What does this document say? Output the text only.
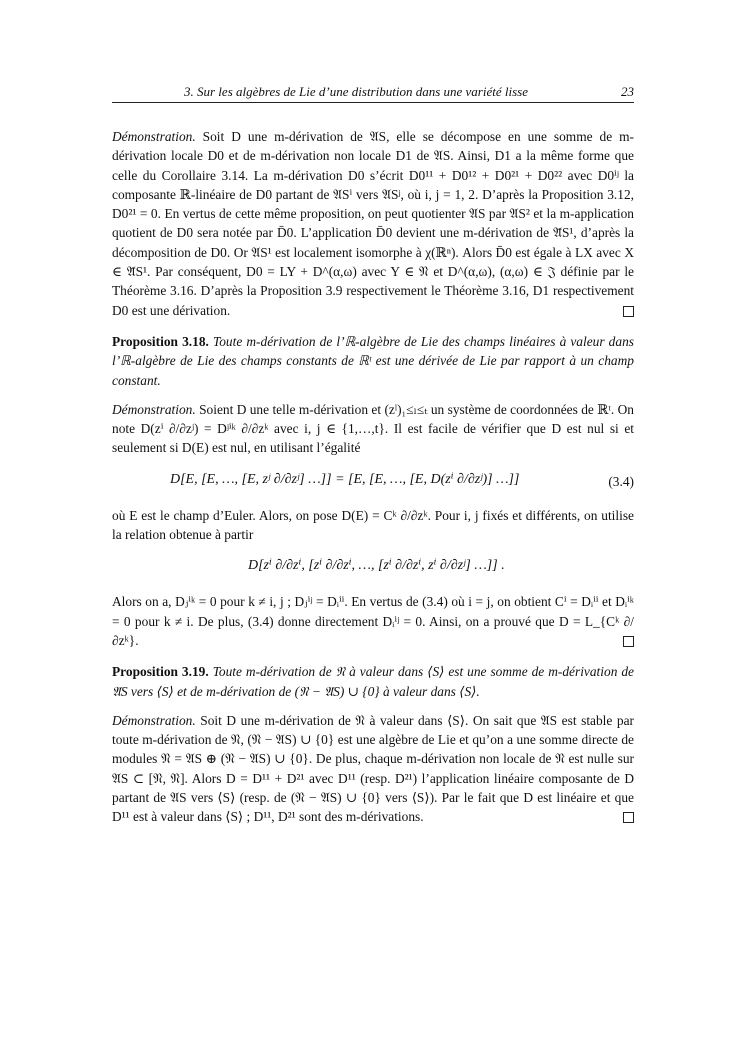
3. Sur les algèbres de Lie d’une distribution dans une variété lisse	23

Démonstration. Soit D une m-dérivation de 𝔄S, elle se décompose en une somme de m-dérivation locale D0 et de m-dérivation non locale D1 de 𝔄S. Ainsi, D1 a la même forme que celle du Corollaire 3.14. La m-dérivation D0 s’écrit D0¹¹ + D0¹² + D0²¹ + D0²² avec D0ⁱʲ la composante ℝ-linéaire de D0 partant de 𝔄Sⁱ vers 𝔄Sʲ, où i, j = 1, 2. D’après la Proposition 3.12, D0²¹ = 0. En vertus de cette même proposition, on peut quotienter 𝔄S par 𝔄S² et la m-application quotient de D0 sera notée par D̄0. L’application D̄0 devient une m-dérivation de 𝔄̄S¹, d’après la décomposition de D0. Or 𝔄S¹ est localement isomorphe à χ(ℝⁿ). Alors D̄0 est égale à LX avec X ∈ 𝔄̄S¹. Par conséquent, D0 = LY + D^(α,ω) avec Y ∈ 𝔑 et D^(α,ω), (α,ω) ∈ 𝔍 définie par le Théorème 3.16. D’après la Proposition 3.9 respectivement le Théorème 3.16, D1 respectivement D0 est une dérivation.

Proposition 3.18. Toute m-dérivation de l’ℝ-algèbre de Lie des champs linéaires à valeur dans l’ℝ-algèbre de Lie des champs constants de ℝᵗ est une dérivée de Lie par rapport à un champ constant.

Démonstration. Soient D une telle m-dérivation et (zˡ)₁≤ₗ≤ₜ un système de coordonnées de ℝᵗ. On note D(zⁱ ∂/∂zʲ) = Dʲⁱᵏ ∂/∂zᵏ avec i, j ∈ {1,…,t}. Il est facile de vérifier que D est nul si et seulement si D(E) est nul, en utilisant l’égalité

D[E, [E, …, [E, zʲ ∂/∂zʲ] …]] = [E, [E, …, [E, D(zⁱ ∂/∂zʲ)] …]]	(3.4)

où E est le champ d’Euler. Alors, on pose D(E) = Cᵏ ∂/∂zᵏ. Pour i, j fixés et différents, on utilise la relation obtenue à partir

D[zⁱ ∂/∂zⁱ, [zⁱ ∂/∂zⁱ, …, [zⁱ ∂/∂zⁱ, zⁱ ∂/∂zʲ] …]] .

Alors on a, Dⱼⁱᵏ = 0 pour k ≠ i, j ; Dⱼⁱʲ = Dᵢⁱⁱ. En vertus de (3.4) où i = j, on obtient Cⁱ = Dᵢⁱⁱ et Dᵢⁱᵏ = 0 pour k ≠ i. De plus, (3.4) donne directement Dᵢⁱʲ = 0. Ainsi, on a prouvé que D = L_{Cᵏ ∂/∂zᵏ}.

Proposition 3.19. Toute m-dérivation de 𝔑 à valeur dans ⟨S⟩ est une somme de m-dérivation de 𝔄S vers ⟨S⟩ et de m-dérivation de (𝔑 − 𝔄S) ∪ {0} à valeur dans ⟨S⟩.

Démonstration. Soit D une m-dérivation de 𝔑 à valeur dans ⟨S⟩. On sait que 𝔄S est stable par toute m-dérivation de 𝔑, (𝔑 − 𝔄S) ∪ {0} est une algèbre de Lie et qu’on a une somme directe de modules 𝔑 = 𝔄S ⊕ (𝔑 − 𝔄S) ∪ {0}. De plus, chaque m-dérivation non locale de 𝔑 est nulle sur 𝔄S ⊂ [𝔑, 𝔑]. Alors D = D¹¹ + D²¹ avec D¹¹ (resp. D²¹) l’application linéaire composante de D partant de 𝔄S vers ⟨S⟩ (resp. de (𝔑 − 𝔄S) ∪ {0} vers ⟨S⟩). Par le fait que D est linéaire et que D¹¹ est à valeur dans ⟨S⟩ ; D¹¹, D²¹ sont des m-dérivations.
